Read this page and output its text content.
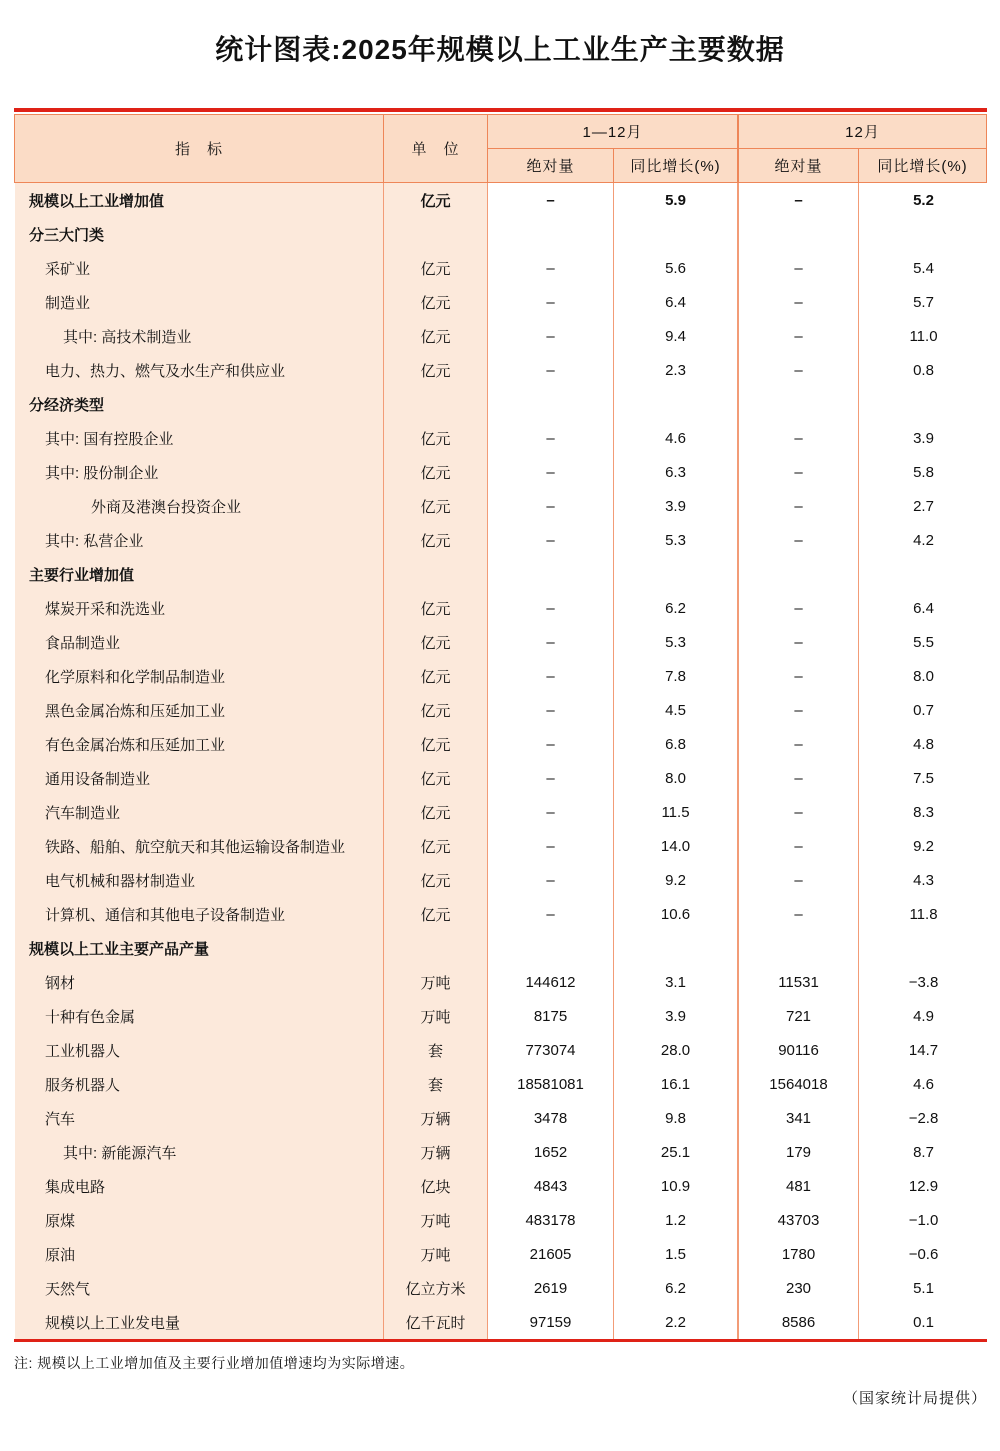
统计图表:2025年规模以上工业生产主要数据
指　标	单　位
1—12月	12月
绝对量	同比增长(%)	绝对量	同比增长(%)
规模以上工业增加值	亿元	–	5.9	–	5.2
分三大门类
采矿业	亿元	–	5.6	–	5.4
制造业	亿元	–	6.4	–	5.7
其中: 高技术制造业	亿元	–	9.4	–	11.0
电力、热力、燃气及水生产和供应业	亿元	–	2.3	–	0.8
分经济类型
其中: 国有控股企业	亿元	–	4.6	–	3.9
其中: 股份制企业	亿元	–	6.3	–	5.8
外商及港澳台投资企业	亿元	–	3.9	–	2.7
其中: 私营企业	亿元	–	5.3	–	4.2
主要行业增加值
煤炭开采和洗选业	亿元	–	6.2	–	6.4
食品制造业	亿元	–	5.3	–	5.5
化学原料和化学制品制造业	亿元	–	7.8	–	8.0
黑色金属冶炼和压延加工业	亿元	–	4.5	–	0.7
有色金属冶炼和压延加工业	亿元	–	6.8	–	4.8
通用设备制造业	亿元	–	8.0	–	7.5
汽车制造业	亿元	–	11.5	–	8.3
铁路、船舶、航空航天和其他运输设备制造业	亿元	–	14.0	–	9.2
电气机械和器材制造业	亿元	–	9.2	–	4.3
计算机、通信和其他电子设备制造业	亿元	–	10.6	–	11.8
规模以上工业主要产品产量
钢材	万吨	144612	3.1	11531	−3.8
十种有色金属	万吨	8175	3.9	721	4.9
工业机器人	套	773074	28.0	90116	14.7
服务机器人	套	18581081	16.1	1564018	4.6
汽车	万辆	3478	9.8	341	−2.8
其中: 新能源汽车	万辆	1652	25.1	179	8.7
集成电路	亿块	4843	10.9	481	12.9
原煤	万吨	483178	1.2	43703	−1.0
原油	万吨	21605	1.5	1780	−0.6
天然气	亿立方米	2619	6.2	230	5.1
规模以上工业发电量	亿千瓦时	97159	2.2	8586	0.1
注: 规模以上工业增加值及主要行业增加值增速均为实际增速。
（国家统计局提供）
